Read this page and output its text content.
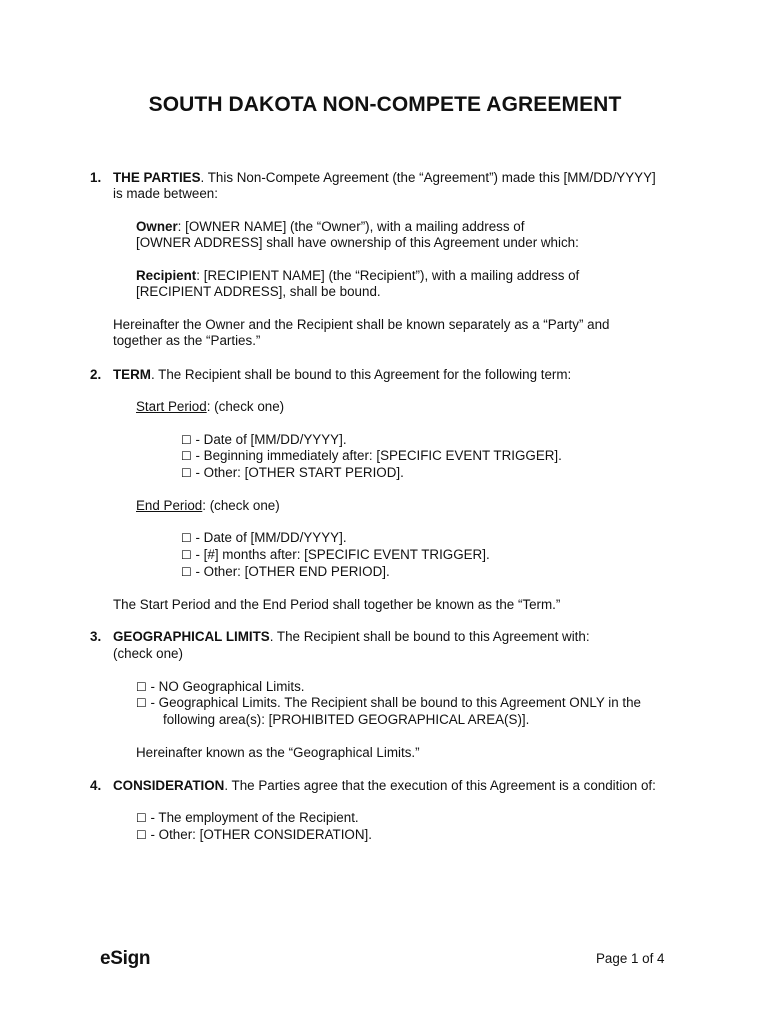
SOUTH DAKOTA NON-COMPETE AGREEMENT
1. THE PARTIES. This Non-Compete Agreement (the “Agreement”) made this [MM/DD/YYYY]
is made between:
Owner: [OWNER NAME] (the “Owner”), with a mailing address of
[OWNER ADDRESS] shall have ownership of this Agreement under which:
Recipient: [RECIPIENT NAME] (the “Recipient”), with a mailing address of
[RECIPIENT ADDRESS], shall be bound.
Hereinafter the Owner and the Recipient shall be known separately as a “Party” and
together as the “Parties.”
2. TERM. The Recipient shall be bound to this Agreement for the following term:
Start Period: (check one)
☐ - Date of [MM/DD/YYYY].
☐ - Beginning immediately after: [SPECIFIC EVENT TRIGGER].
☐ - Other: [OTHER START PERIOD].
End Period: (check one)
☐ - Date of [MM/DD/YYYY].
☐ - [#] months after: [SPECIFIC EVENT TRIGGER].
☐ - Other: [OTHER END PERIOD].
The Start Period and the End Period shall together be known as the “Term.”
3. GEOGRAPHICAL LIMITS. The Recipient shall be bound to this Agreement with:
(check one)
☐ - NO Geographical Limits.
☐ - Geographical Limits. The Recipient shall be bound to this Agreement ONLY in the
following area(s): [PROHIBITED GEOGRAPHICAL AREA(S)].
Hereinafter known as the “Geographical Limits.”
4. CONSIDERATION. The Parties agree that the execution of this Agreement is a condition of:
☐ - The employment of the Recipient.
☐ - Other: [OTHER CONSIDERATION].
eSign	Page 1 of 4
